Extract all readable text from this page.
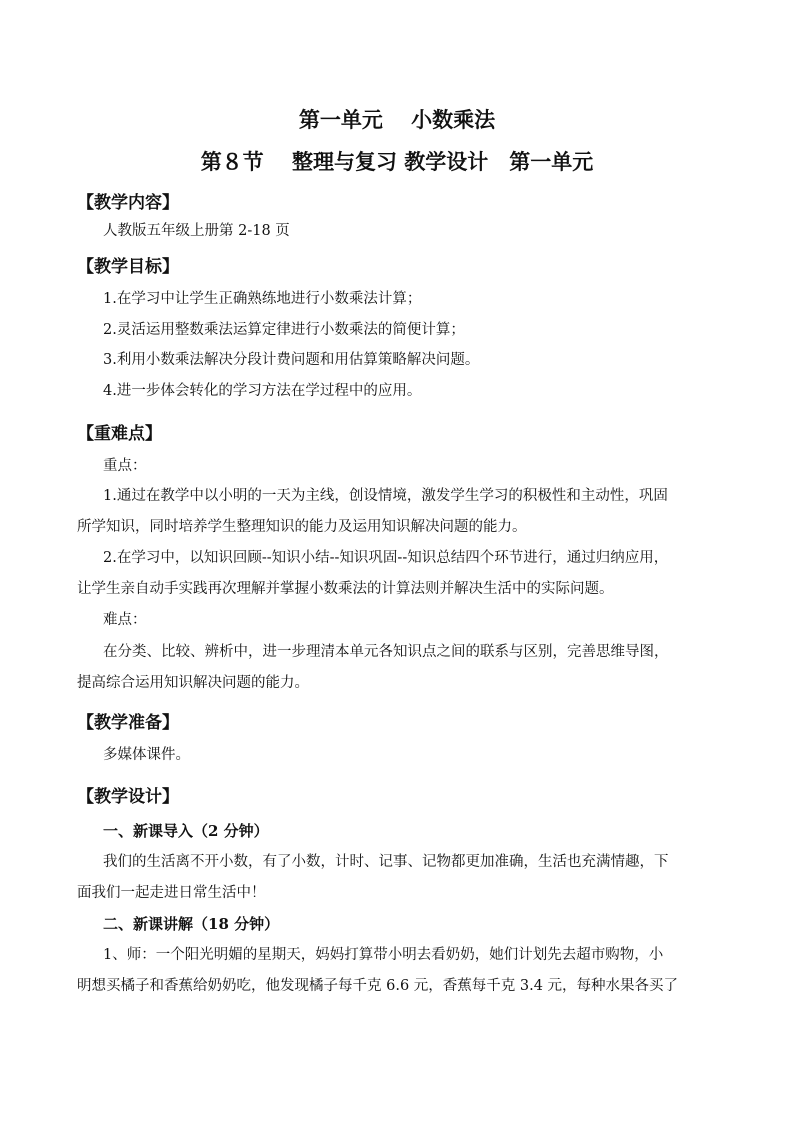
第一单元　 小数乘法
第８节　 整理与复习 教学设计　第一单元
【教学内容】
人教版五年级上册第 2-18 页
【教学目标】
1.在学习中让学生正确熟练地进行小数乘法计算；
2.灵活运用整数乘法运算定律进行小数乘法的简便计算；
3.利用小数乘法解决分段计费问题和用估算策略解决问题。
4.进一步体会转化的学习方法在学过程中的应用。
【重难点】
重点：
1.通过在教学中以小明的一天为主线，创设情境，激发学生学习的积极性和主动性，巩固
所学知识，同时培养学生整理知识的能力及运用知识解决问题的能力。
2.在学习中，以知识回顾--知识小结--知识巩固--知识总结四个环节进行，通过归纳应用，
让学生亲自动手实践再次理解并掌握小数乘法的计算法则并解决生活中的实际问题。
难点：
在分类、比较、辨析中，进一步理清本单元各知识点之间的联系与区别，完善思维导图，
提高综合运用知识解决问题的能力。
【教学准备】
多媒体课件。
【教学设计】
一、新课导入（2 分钟）
我们的生活离不开小数，有了小数，计时、记事、记物都更加准确，生活也充满情趣，下
面我们一起走进日常生活中！
二、新课讲解（18 分钟）
1、师：一个阳光明媚的星期天，妈妈打算带小明去看奶奶，她们计划先去超市购物，小
明想买橘子和香蕉给奶奶吃，他发现橘子每千克 6.6 元，香蕉每千克 3.4 元，每种水果各买了
